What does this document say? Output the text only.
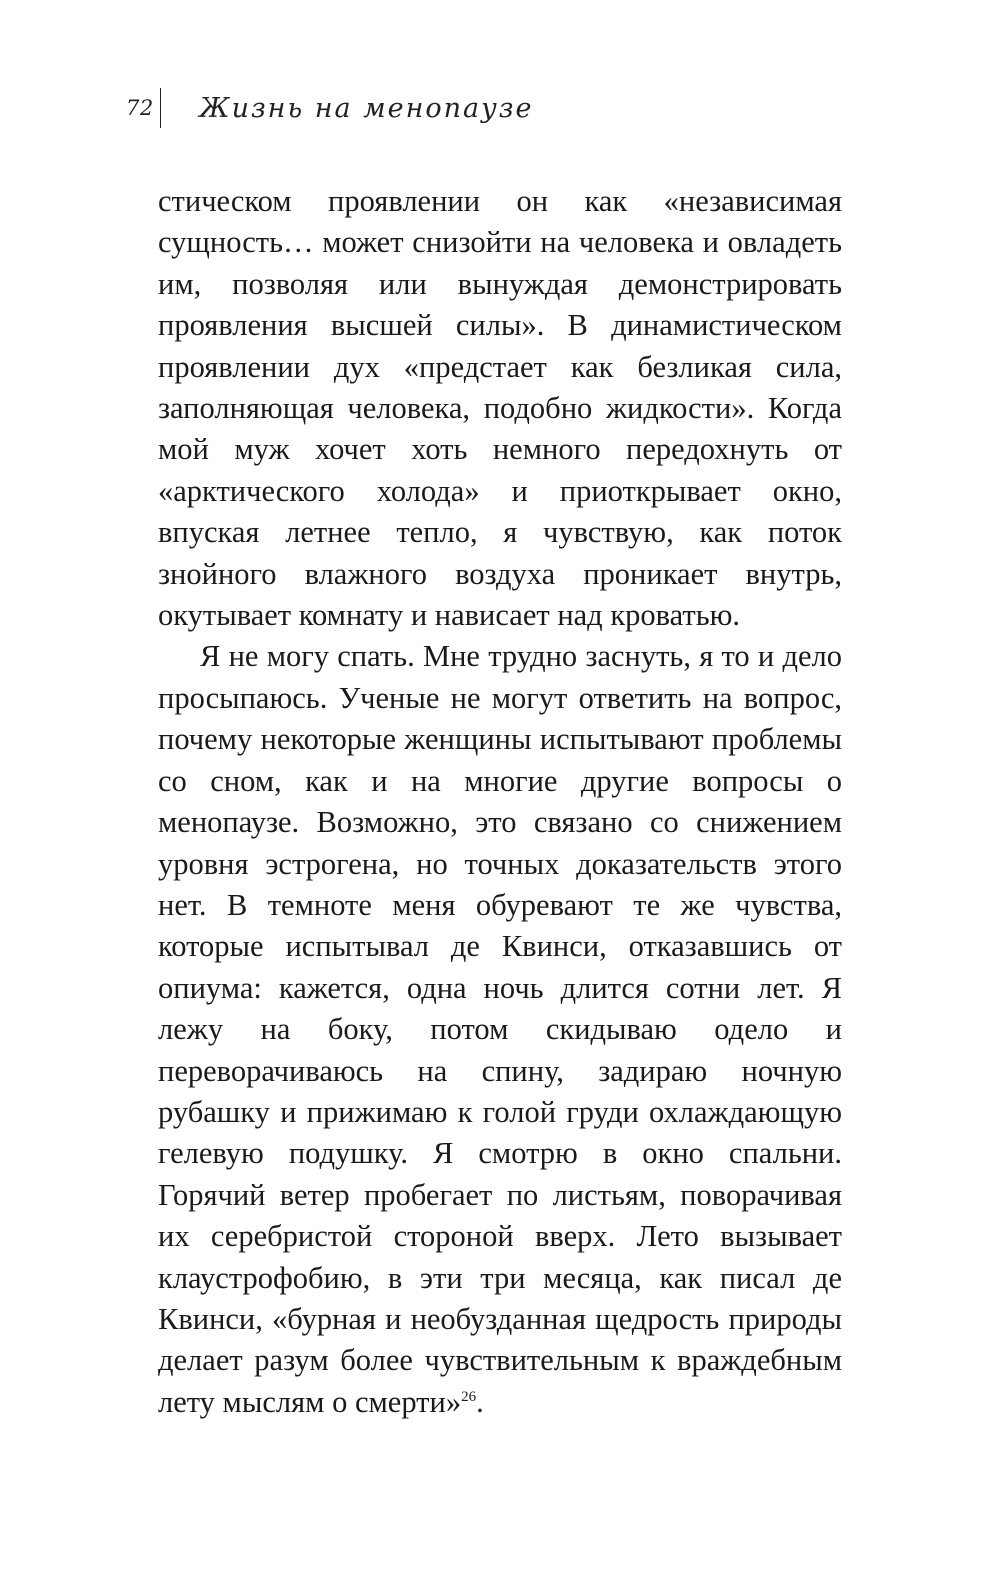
72 Жизнь на менопаузе

стическом проявлении он как «независимая сущность… может снизойти на человека и овладеть им, позволяя или вынуждая демонстрировать проявления высшей силы». В динамистическом проявлении дух «предстает как безликая сила, заполняющая человека, подобно жидкости». Когда мой муж хочет хоть немного передохнуть от «арктического холода» и приоткрывает окно, впуская летнее тепло, я чувствую, как поток знойного влажного воздуха проникает внутрь, окутывает комнату и нависает над кроватью.

Я не могу спать. Мне трудно заснуть, я то и дело просыпаюсь. Ученые не могут ответить на вопрос, почему некоторые женщины испытывают проблемы со сном, как и на многие другие вопросы о менопаузе. Возможно, это связано со снижением уровня эстрогена, но точных доказательств этого нет. В темноте меня обуревают те же чувства, которые испытывал де Квинси, отказавшись от опиума: кажется, одна ночь длится сотни лет. Я лежу на боку, потом скидываю одело и переворачиваюсь на спину, задираю ночную рубашку и прижимаю к голой груди охлаждающую гелевую подушку. Я смотрю в окно спальни. Горячий ветер пробегает по листьям, поворачивая их серебристой стороной вверх. Лето вызывает клаустрофобию, в эти три месяца, как писал де Квинси, «бурная и необузданная щедрость природы делает разум более чувствительным к враждебным лету мыслям о смерти»$^{26}$.
